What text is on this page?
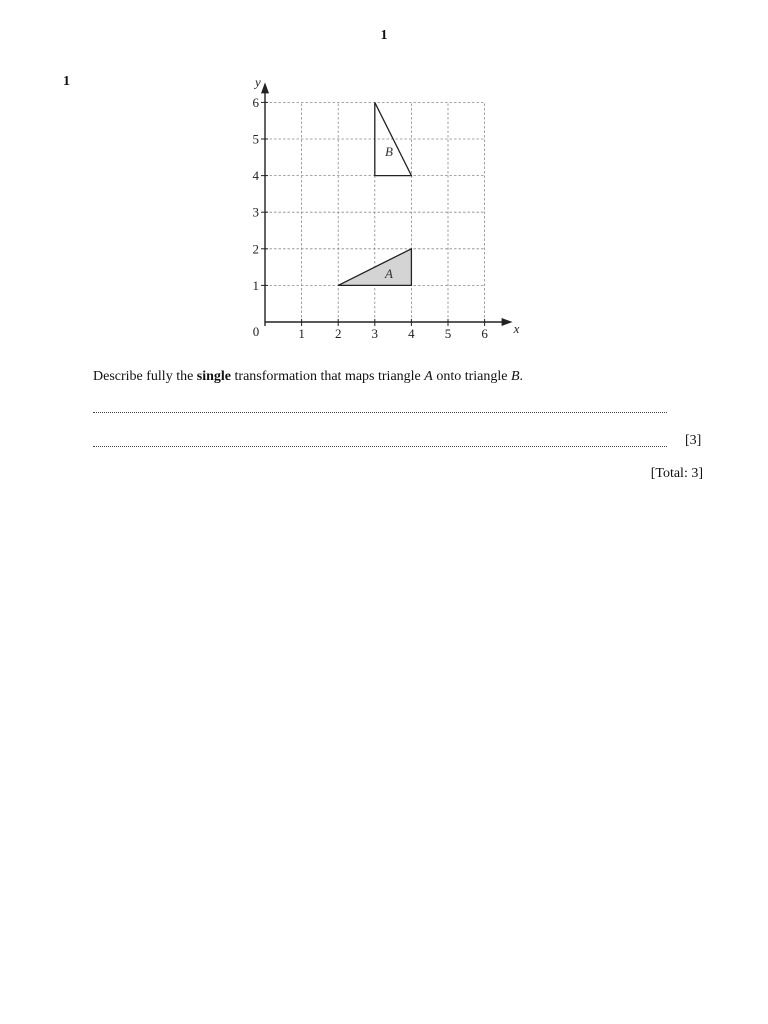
1
1
1 2 3 4 5 6
1
2
3
4
5
6
0	x
y
A
B
Describe fully the single transformation that maps triangle A onto triangle B.
[3]
[Total: 3]
